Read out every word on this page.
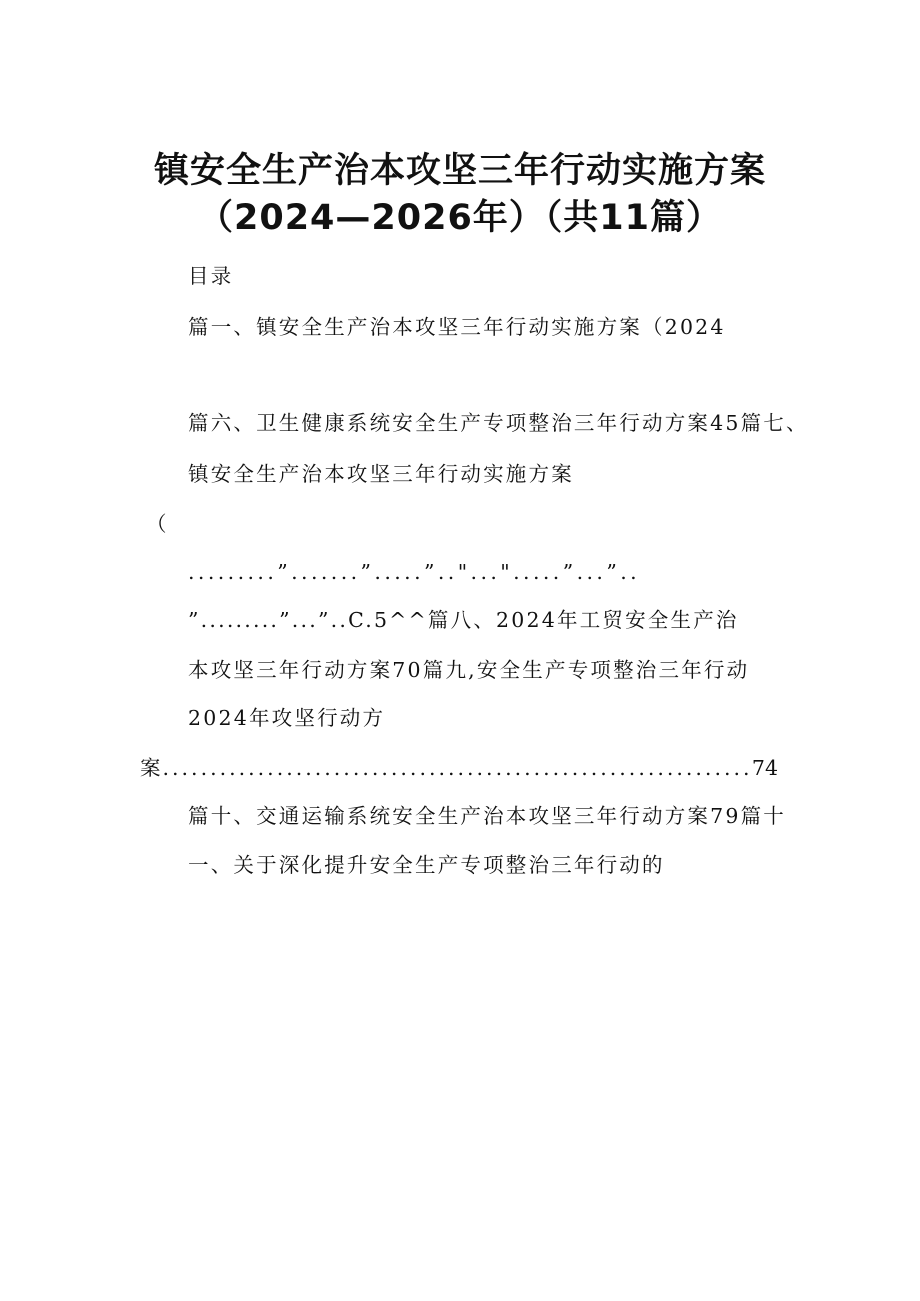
镇安全生产治本攻坚三年行动实施方案
（2024—2026年）（共11篇）
目录
篇一、镇安全生产治本攻坚三年行动实施方案（2024
篇六、卫生健康系统安全生产专项整治三年行动方案45篇七、
镇安全生产治本攻坚三年行动实施方案
（
.........”.......”.....”.."...".....”...”..
”.........”...”..C.5^^篇八、2024年工贸安全生产治
本攻坚三年行动方案70篇九,安全生产专项整治三年行动
2024年攻坚行动方
案
.....	74
篇十、交通运输系统安全生产治本攻坚三年行动方案79篇十
一、关于深化提升安全生产专项整治三年行动的
